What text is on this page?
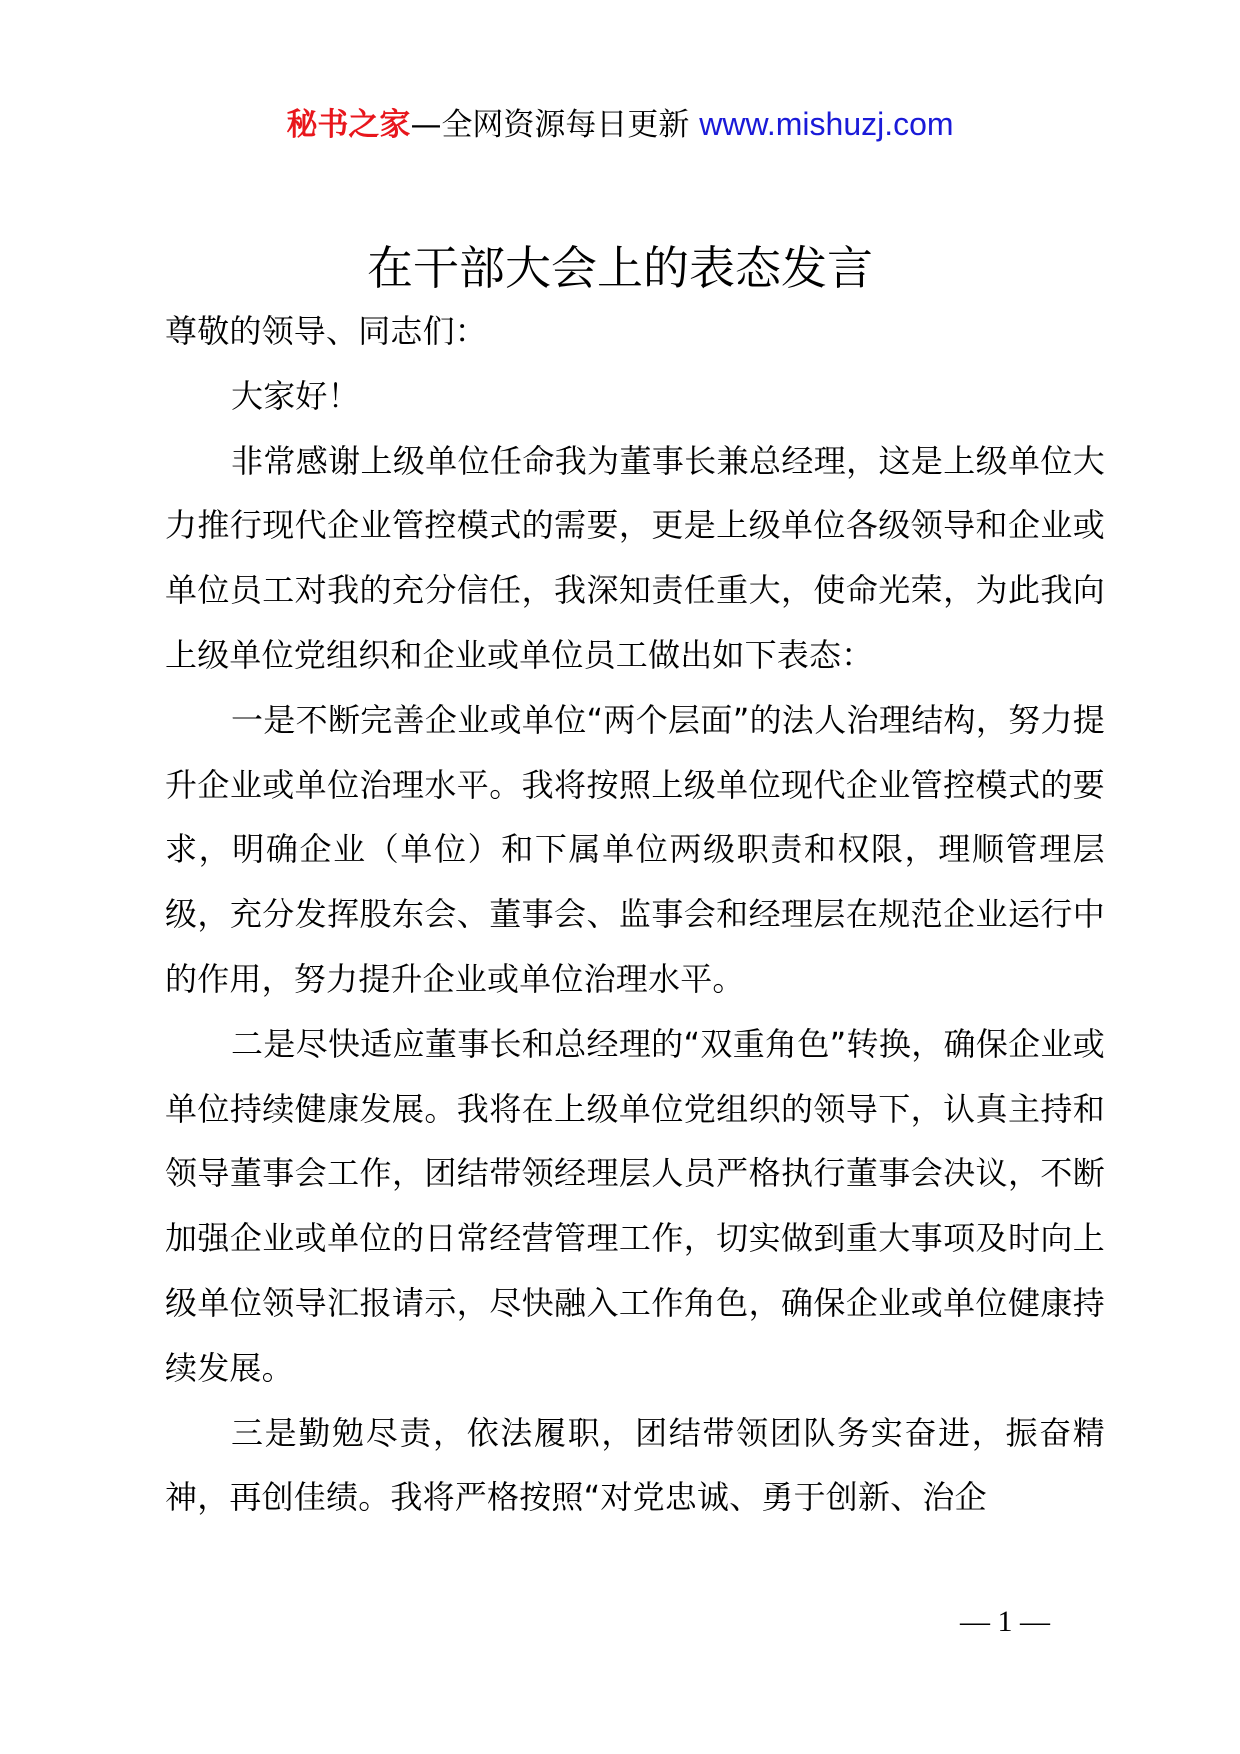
秘书之家—全网资源每日更新 www.mishuzj.com
在干部大会上的表态发言

尊敬的领导、同志们：

大家好！

非常感谢上级单位任命我为董事长兼总经理，这是上级单位大力推行现代企业管控模式的需要，更是上级单位各级领导和企业或单位员工对我的充分信任，我深知责任重大，使命光荣，为此我向上级单位党组织和企业或单位员工做出如下表态：

一是不断完善企业或单位“两个层面”的法人治理结构，努力提升企业或单位治理水平。我将按照上级单位现代企业管控模式的要求，明确企业（单位）和下属单位两级职责和权限，理顺管理层级，充分发挥股东会、董事会、监事会和经理层在规范企业运行中的作用，努力提升企业或单位治理水平。

二是尽快适应董事长和总经理的“双重角色”转换，确保企业或单位持续健康发展。我将在上级单位党组织的领导下，认真主持和领导董事会工作，团结带领经理层人员严格执行董事会决议，不断加强企业或单位的日常经营管理工作，切实做到重大事项及时向上级单位领导汇报请示，尽快融入工作角色，确保企业或单位健康持续发展。

三是勤勉尽责，依法履职，团结带领团队务实奋进，振奋精神，再创佳绩。我将严格按照“对党忠诚、勇于创新、治企

— 1 —
